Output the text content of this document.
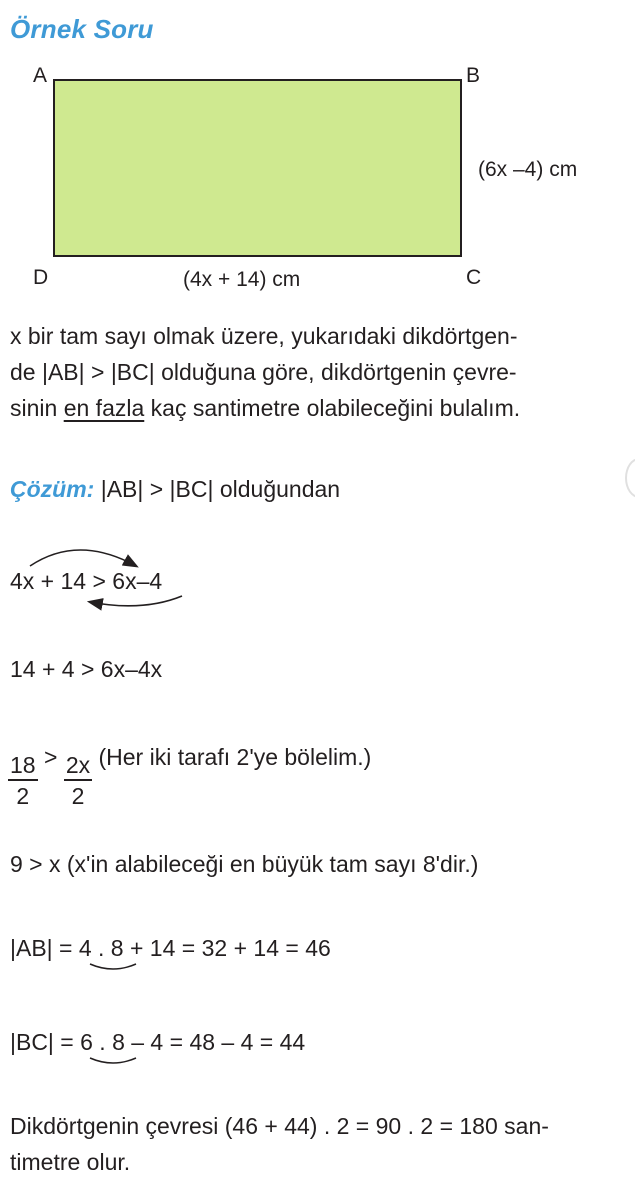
Örnek Soru
A	B
C
D
(6x –4) cm
(4x + 14) cm
x bir tam sayı olmak üzere, yukarıdaki dikdörtgen-
de |AB| > |BC| olduğuna göre, dikdörtgenin çevre-
sinin en fazla kaç santimetre olabileceğini bulalım.
Çözüm: |AB| > |BC| olduğundan
4x + 14 > 6x–4
14 + 4 > 6x–4x
$\frac{18}{2} > \frac{2x}{2} (Her$ iki tarafı 2'ye bölelim.)
9 > x (x'in alabileceği en büyük tam sayı 8'dir.)
|AB| = 4 . 8 + 14 = 32 + 14 = 46
|BC| = 6 . 8 – 4 = 48 – 4 = 44
Dikdörtgenin çevresi (46 + 44) . 2 = 90 . 2 = 180 san-
timetre olur.
